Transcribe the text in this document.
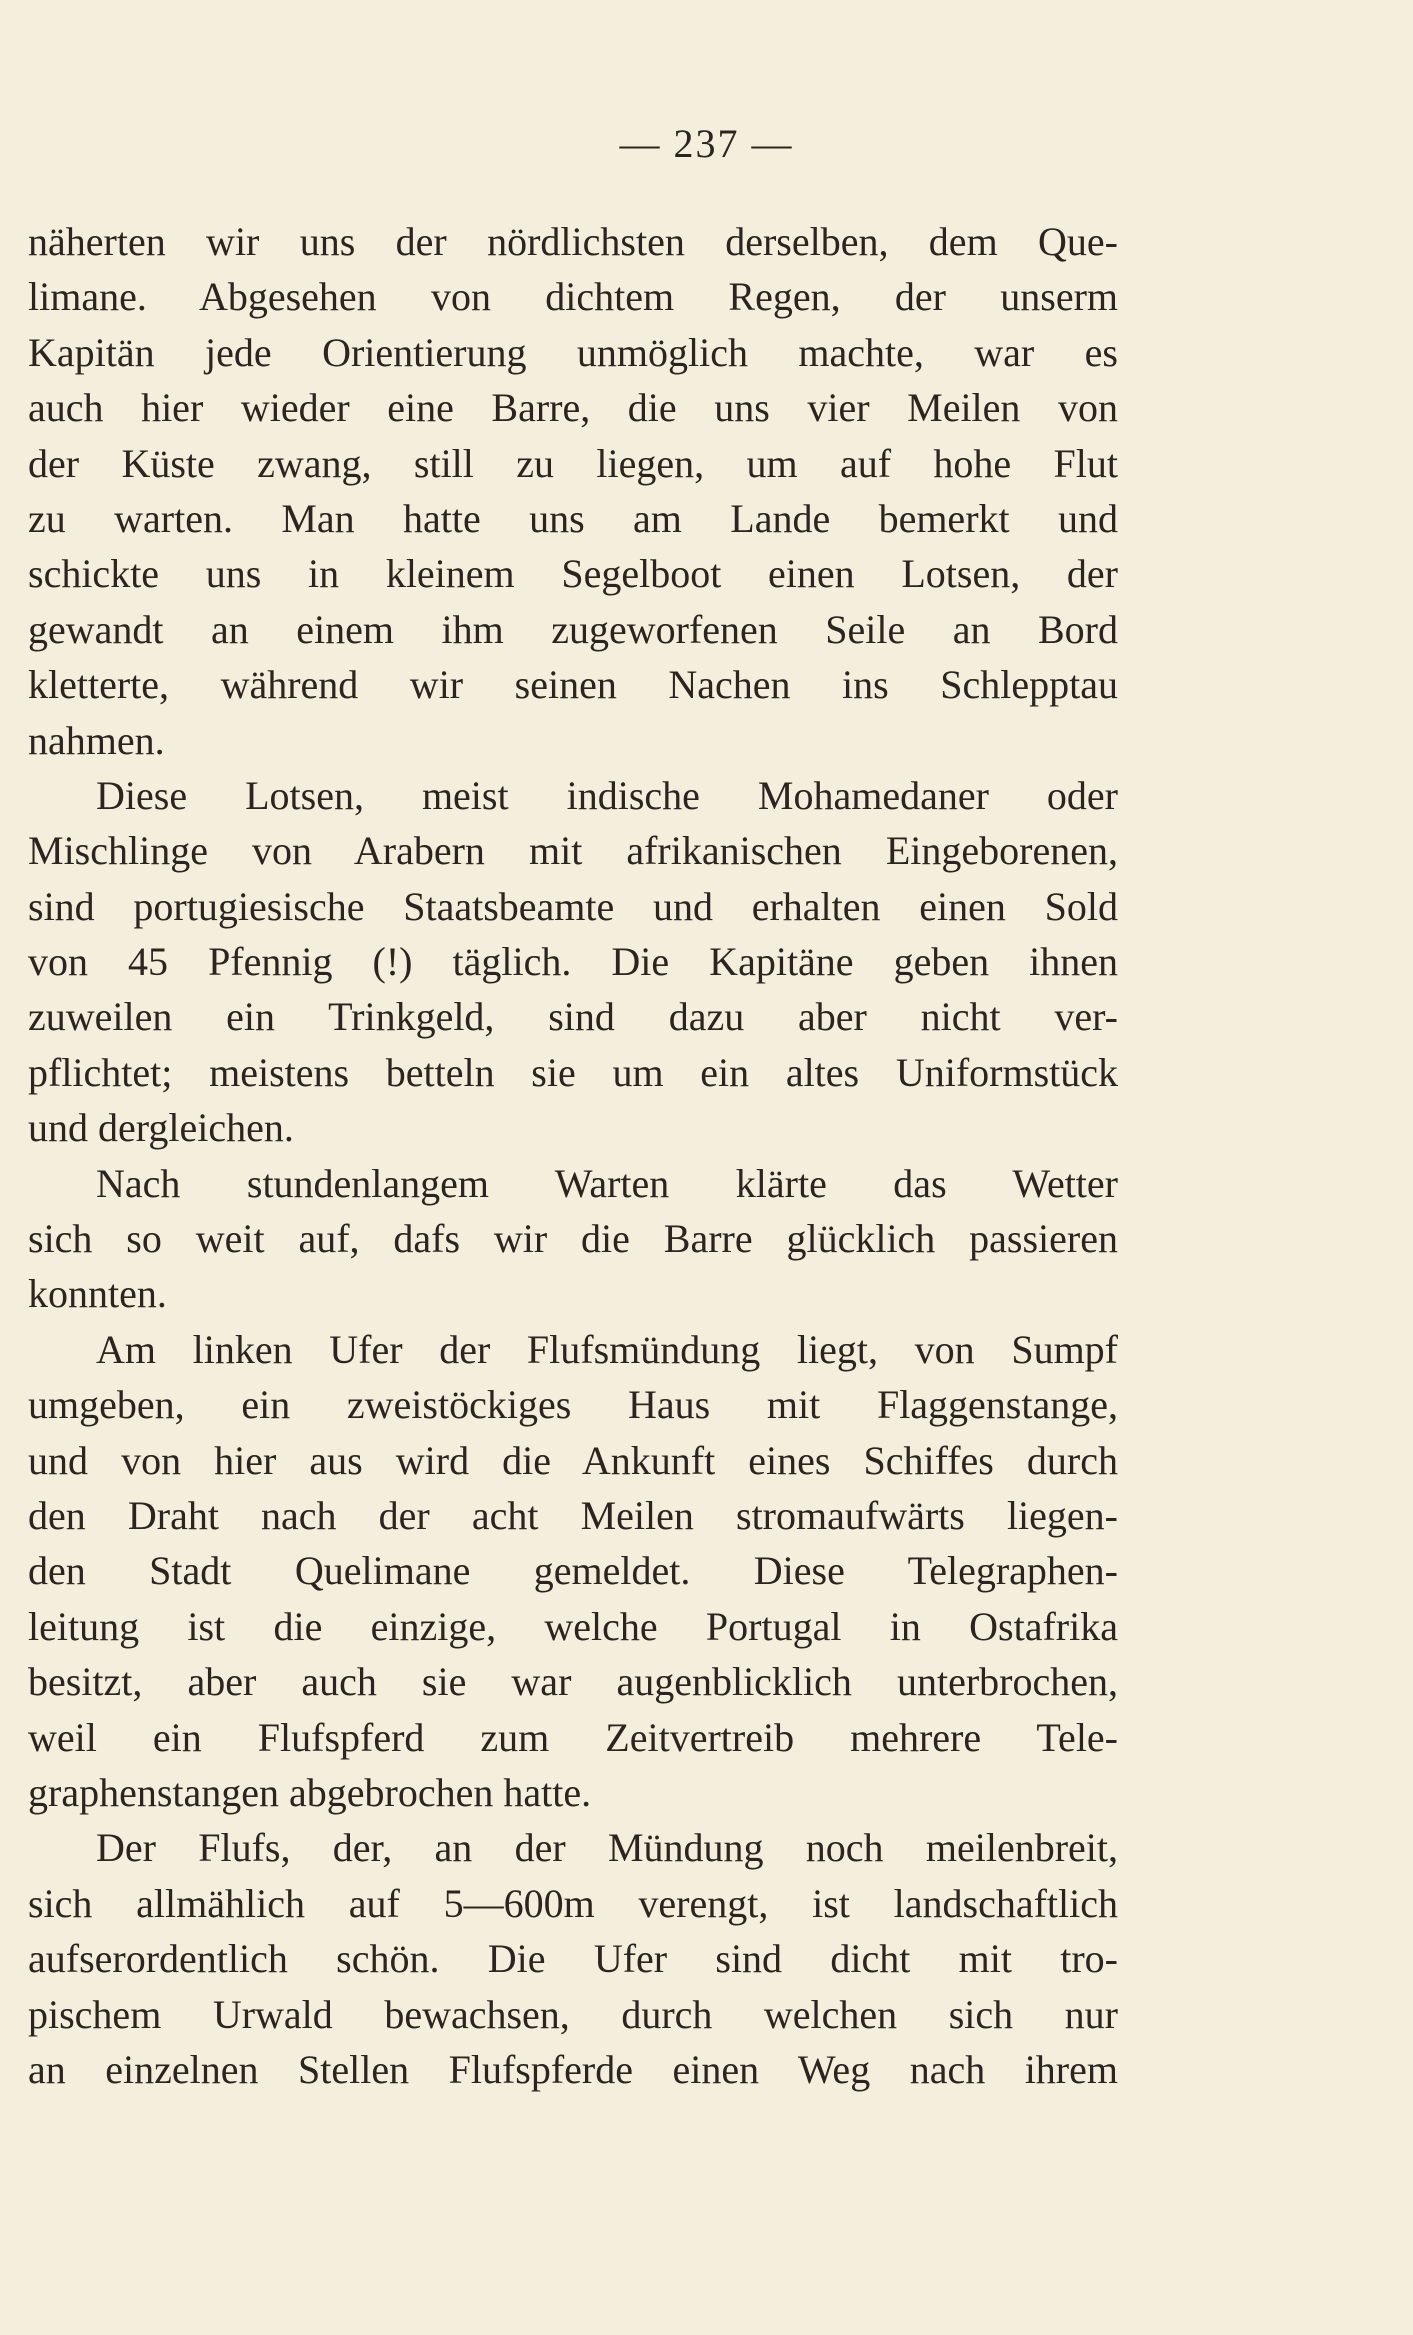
— 237 —
näherten wir uns der nördlichsten derselben, dem Que-
limane. Abgesehen von dichtem Regen, der unserm
Kapitän jede Orientierung unmöglich machte, war es
auch hier wieder eine Barre, die uns vier Meilen von
der Küste zwang, still zu liegen, um auf hohe Flut
zu warten. Man hatte uns am Lande bemerkt und
schickte uns in kleinem Segelboot einen Lotsen, der
gewandt an einem ihm zugeworfenen Seile an Bord
kletterte, während wir seinen Nachen ins Schlepptau
nahmen.
Diese Lotsen, meist indische Mohamedaner oder
Mischlinge von Arabern mit afrikanischen Eingeborenen,
sind portugiesische Staatsbeamte und erhalten einen Sold
von 45 Pfennig (!) täglich. Die Kapitäne geben ihnen
zuweilen ein Trinkgeld, sind dazu aber nicht ver-
pflichtet; meistens betteln sie um ein altes Uniformstück
und dergleichen.
Nach stundenlangem Warten klärte das Wetter
sich so weit auf, dafs wir die Barre glücklich passieren
konnten.
Am linken Ufer der Flufsmündung liegt, von Sumpf
umgeben, ein zweistöckiges Haus mit Flaggenstange,
und von hier aus wird die Ankunft eines Schiffes durch
den Draht nach der acht Meilen stromaufwärts liegen-
den Stadt Quelimane gemeldet. Diese Telegraphen-
leitung ist die einzige, welche Portugal in Ostafrika
besitzt, aber auch sie war augenblicklich unterbrochen,
weil ein Flufspferd zum Zeitvertreib mehrere Tele-
graphenstangen abgebrochen hatte.
Der Flufs, der, an der Mündung noch meilenbreit,
sich allmählich auf 5—600m verengt, ist landschaftlich
aufserordentlich schön. Die Ufer sind dicht mit tro-
pischem Urwald bewachsen, durch welchen sich nur
an einzelnen Stellen Flufspferde einen Weg nach ihrem
